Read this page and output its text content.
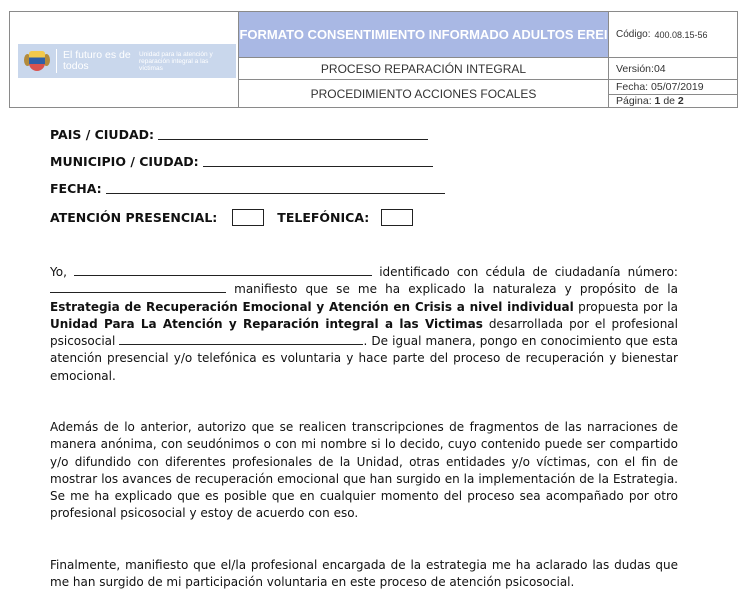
El futuro es de todos
Unidad para la atención y reparación integral a las víctimas
FORMATO CONSENTIMIENTO INFORMADO ADULTOS EREI
PROCESO REPARACIÓN INTEGRAL
PROCEDIMIENTO ACCIONES FOCALES
Código: 400.08.15-56
Versión:04
Fecha: 05/07/2019
Página: 1 de 2
PAIS / CIUDAD:
MUNICIPIO / CIUDAD:
FECHA:
ATENCIÓN PRESENCIAL:	TELEFÓNICA:
Yo,	identificado con cédula de ciudadanía número:  manifiesto que se me ha explicado la naturaleza y propósito de la Estrategia de Recuperación Emocional y Atención en Crisis a nivel individual propuesta por la Unidad Para La Atención y Reparación integral a las Victimas desarrollada por el profesional psicosocial	. De igual manera, pongo en conocimiento que esta atención presencial y/o telefónica es voluntaria y hace parte del proceso de recuperación y bienestar emocional.
Además de lo anterior, autorizo que se realicen transcripciones de fragmentos de las narraciones de manera anónima, con seudónimos o con mi nombre si lo decido, cuyo contenido puede ser compartido y/o difundido con diferentes profesionales de la Unidad, otras entidades y/o víctimas, con el fin de mostrar los avances de recuperación emocional que han surgido en la implementación de la Estrategia. Se me ha explicado que es posible que en cualquier momento del proceso sea acompañado por otro profesional psicosocial y estoy de acuerdo con eso.
Finalmente, manifiesto que el/la profesional encargada de la estrategia me ha aclarado las dudas que me han surgido de mi participación voluntaria en este proceso de atención psicosocial.
